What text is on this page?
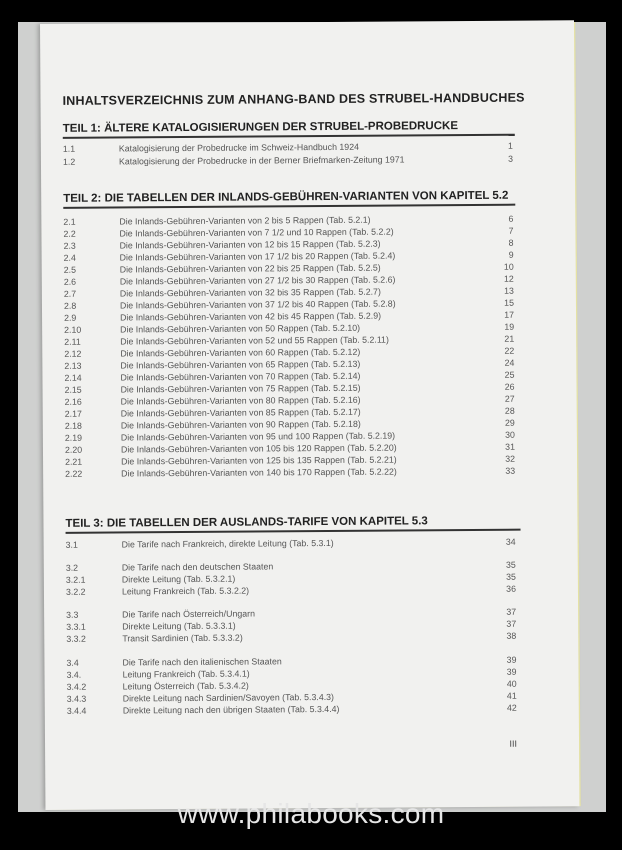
INHALTSVERZEICHNIS ZUM ANHANG-BAND DES STRUBEL-HANDBUCHES
TEIL 1: ÄLTERE KATALOGISIERUNGEN DER STRUBEL-PROBEDRUCKE
1.1	Katalogisierung der Probedrucke im Schweiz-Handbuch 1924	1
1.2	Katalogisierung der Probedrucke in der Berner Briefmarken-Zeitung 1971	3
TEIL 2: DIE TABELLEN DER INLANDS-GEBÜHREN-VARIANTEN VON KAPITEL 5.2
2.1	Die Inlands-Gebühren-Varianten von 2 bis 5 Rappen (Tab. 5.2.1)	6
2.2	Die Inlands-Gebühren-Varianten von 7 1/2 und 10 Rappen (Tab. 5.2.2)	7
2.3	Die Inlands-Gebühren-Varianten von 12 bis 15 Rappen (Tab. 5.2.3)	8
2.4	Die Inlands-Gebühren-Varianten von 17 1/2 bis 20 Rappen (Tab. 5.2.4)	9
2.5	Die Inlands-Gebühren-Varianten von 22 bis 25 Rappen (Tab. 5.2.5)	10
2.6	Die Inlands-Gebühren-Varianten von 27 1/2 bis 30 Rappen (Tab. 5.2.6)	12
2.7	Die Inlands-Gebühren-Varianten von 32 bis 35 Rappen (Tab. 5.2.7)	13
2.8	Die Inlands-Gebühren-Varianten von 37 1/2 bis 40 Rappen (Tab. 5.2.8)	15
2.9	Die Inlands-Gebühren-Varianten von 42 bis 45 Rappen (Tab. 5.2.9)	17
2.10	Die Inlands-Gebühren-Varianten von 50 Rappen (Tab. 5.2.10)	19
2.11	Die Inlands-Gebühren-Varianten von 52 und 55 Rappen (Tab. 5.2.11)	21
2.12	Die Inlands-Gebühren-Varianten von 60 Rappen (Tab. 5.2.12)	22
2.13	Die Inlands-Gebühren-Varianten von 65 Rappen (Tab. 5.2.13)	24
2.14	Die Inlands-Gebühren-Varianten von 70 Rappen (Tab. 5.2.14)	25
2.15	Die Inlands-Gebühren-Varianten von 75 Rappen (Tab. 5.2.15)	26
2.16	Die Inlands-Gebühren-Varianten von 80 Rappen (Tab. 5.2.16)	27
2.17	Die Inlands-Gebühren-Varianten von 85 Rappen (Tab. 5.2.17)	28
2.18	Die Inlands-Gebühren-Varianten von 90 Rappen (Tab. 5.2.18)	29
2.19	Die Inlands-Gebühren-Varianten von 95 und 100 Rappen (Tab. 5.2.19)	30
2.20	Die Inlands-Gebühren-Varianten von 105 bis 120 Rappen (Tab. 5.2.20)	31
2.21	Die Inlands-Gebühren-Varianten von 125 bis 135 Rappen (Tab. 5.2.21)	32
2.22	Die Inlands-Gebühren-Varianten von 140 bis 170 Rappen (Tab. 5.2.22)	33
TEIL 3: DIE TABELLEN DER AUSLANDS-TARIFE VON KAPITEL 5.3
3.1	Die Tarife nach Frankreich, direkte Leitung (Tab. 5.3.1)	34
3.2	Die Tarife nach den deutschen Staaten	35
3.2.1	Direkte Leitung (Tab. 5.3.2.1)	35
3.2.2	Leitung Frankreich (Tab. 5.3.2.2)	36
3.3	Die Tarife nach Österreich/Ungarn	37
3.3.1	Direkte Leitung (Tab. 5.3.3.1)	37
3.3.2	Transit Sardinien (Tab. 5.3.3.2)	38
3.4	Die Tarife nach den italienischen Staaten	39
3.4.	Leitung Frankreich (Tab. 5.3.4.1)	39
3.4.2	Leitung Österreich (Tab. 5.3.4.2)	40
3.4.3	Direkte Leitung nach Sardinien/Savoyen (Tab. 5.3.4.3)	41
3.4.4	Direkte Leitung nach den übrigen Staaten (Tab. 5.3.4.4)	42
III
www.philabooks.com
